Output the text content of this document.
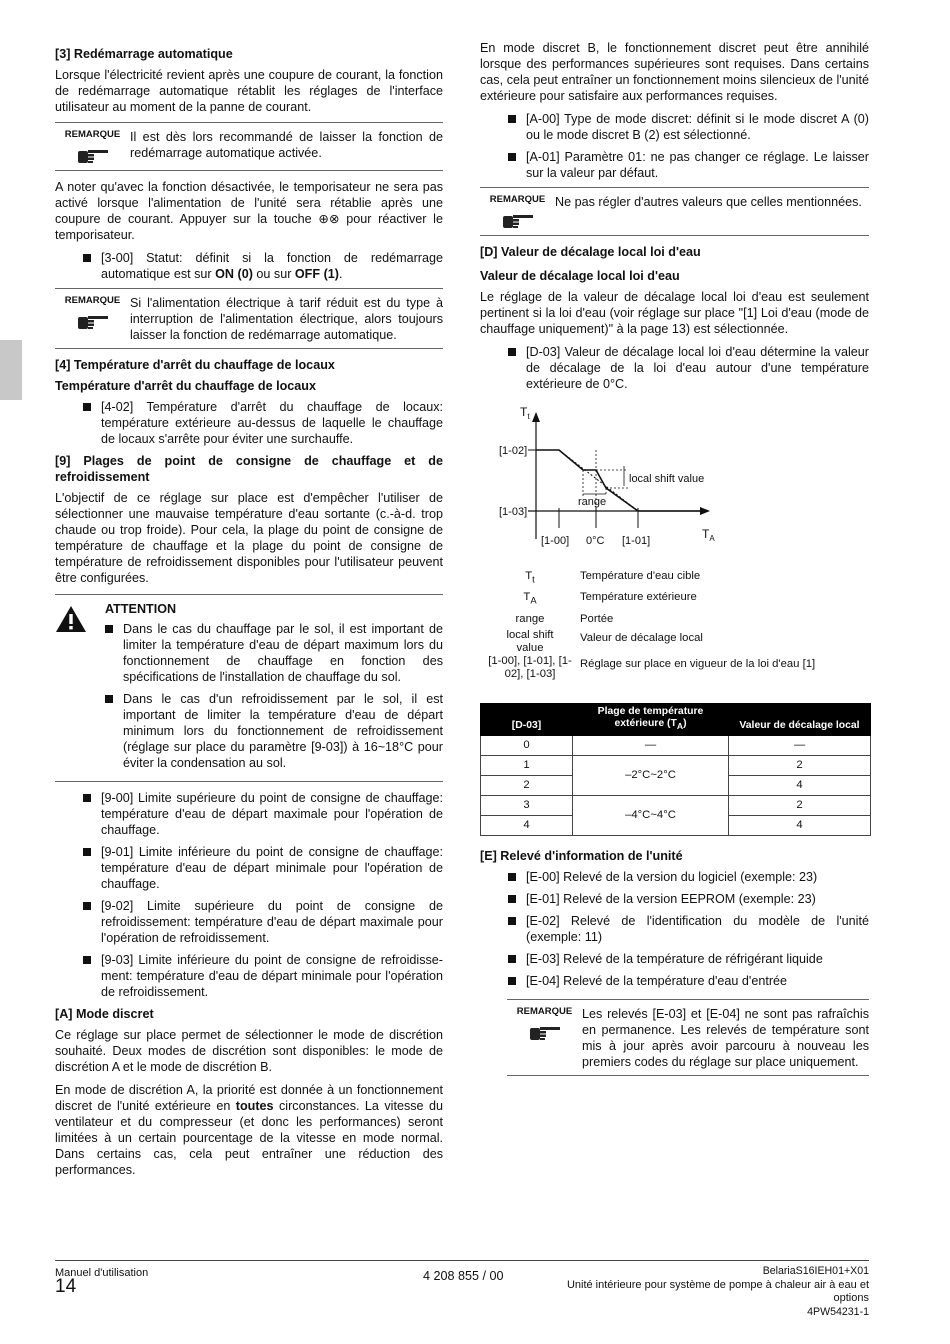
[3] Redémarrage automatique

Lorsque l'électricité revient après une coupure de courant, la fonction de redémarrage automatique rétablit les réglages de l'interface utilisateur au moment de la panne de courant.

REMARQUE Il est dès lors recommandé de laisser la fonction de redémarrage automatique activée.

A noter qu'avec la fonction désactivée, le temporisateur ne sera pas activé lorsque l'alimentation de l'unité sera rétablie après une coupure de courant. Appuyer sur la touche ⊕⊗ pour réactiver le temporisateur.

[3-00] Statut: définit si la fonction de redémarrage automatique est sur ON (0) ou sur OFF (1).
REMARQUE Si l'alimentation électrique à tarif réduit est du type à interruption de l'alimentation électrique, alors toujours laisser la fonction de redémarrage automatique.
[4] Température d'arrêt du chauffage de locaux
Température d'arrêt du chauffage de locaux
[4-02] Température d'arrêt du chauffage de locaux: température extérieure au-dessus de laquelle le chauffage de locaux s'arrête pour éviter une surchauffe.
[9] Plages de point de consigne de chauffage et de refroidissement

L'objectif de ce réglage sur place est d'empêcher l'utiliser de sélectionner une mauvaise température d'eau sortante (c.-à-d. trop chaude ou trop froide). Pour cela, la plage du point de consigne de température de chauffage et la plage du point de consigne de température de refroidissement disponibles pour l'utilisateur peuvent être configurées.

ATTENTION
Dans le cas du chauffage par le sol, il est important de limiter la température d'eau de départ maximum lors du fonctionnement de chauffage en fonction des spécifications de l'installation de chauffage du sol.
Dans le cas d'un refroidissement par le sol, il est important de limiter la température d'eau de départ minimum lors du fonctionnement de refroidissement (réglage sur place du paramètre [9-03]) à 16~18°C pour éviter la condensation au sol.
[9-00] Limite supérieure du point de consigne de chauffage: température d'eau de départ maximale pour l'opération de chauffage.
[9-01] Limite inférieure du point de consigne de chauffage: température d'eau de départ minimale pour l'opération de chauffage.
[9-02] Limite supérieure du point de consigne de refroidissement: température d'eau de départ maximale pour l'opération de refroidissement.
[9-03] Limite inférieure du point de consigne de refroidisse-ment: température d'eau de départ minimale pour l'opération de refroidissement.
[A] Mode discret

Ce réglage sur place permet de sélectionner le mode de discrétion souhaité. Deux modes de discrétion sont disponibles: le mode de discrétion A et le mode de discrétion B.

En mode de discrétion A, la priorité est donnée à un fonctionnement discret de l'unité extérieure en toutes circonstances. La vitesse du ventilateur et du compresseur (et donc les performances) seront limitées à un certain pourcentage de la vitesse en mode normal. Dans certains cas, cela peut entraîner une réduction des performances.

En mode discret B, le fonctionnement discret peut être annihilé lorsque des performances supérieures sont requises. Dans certains cas, cela peut entraîner un fonctionnement moins silencieux de l'unité extérieure pour satisfaire aux performances requises.

[A-00] Type de mode discret: définit si le mode discret A (0) ou le mode discret B (2) est sélectionné.
[A-01] Paramètre 01: ne pas changer ce réglage. Le laisser sur la valeur par défaut.
REMARQUE Ne pas régler d'autres valeurs que celles mentionnées.
[D] Valeur de décalage local loi d'eau
Valeur de décalage local loi d'eau

Le réglage de la valeur de décalage local loi d'eau est seulement pertinent si la loi d'eau (voir réglage sur place "[1] Loi d'eau (mode de chauffage uniquement)" à la page 13) est sélectionnée.

[D-03] Valeur de décalage local loi d'eau détermine la valeur de décalage de la loi d'eau autour d'une température extérieure de 0°C.
$T_t$
$T_A$
[1-02]
[1-03]
[1-00] 0°C [1-01]
range
local shift value
$T_t$	Température d'eau cible
$T_A$	Température extérieure
range	Portée
local shift value	Valeur de décalage local
[1-00], [1-01], [1-02], [1-03]	Réglage sur place en vigueur de la loi d'eau [1]
[D-03]	Plage de température extérieure $(T_A)$	Valeur de décalage local
0	—	—
1	–2°C~2°C	2
2		4
3	–4°C~4°C	2
4		4
[E] Relevé d'information de l'unité
[E-00] Relevé de la version du logiciel (exemple: 23)
[E-01] Relevé de la version EEPROM (exemple: 23)
[E-02] Relevé de l'identification du modèle de l'unité (exemple: 11)
[E-03] Relevé de la température de réfrigérant liquide
[E-04] Relevé de la température d'eau d'entrée
REMARQUE Les relevés [E-03] et [E-04] ne sont pas rafraîchis en permanence. Les relevés de température sont mis à jour après avoir parcouru à nouveau les premiers codes du réglage sur place uniquement.
Manuel d'utilisation
14	4 208 855 / 00	BelariaS16IEH01+X01
Unité intérieure pour système de pompe à chaleur air à eau et
options
4PW54231-1
